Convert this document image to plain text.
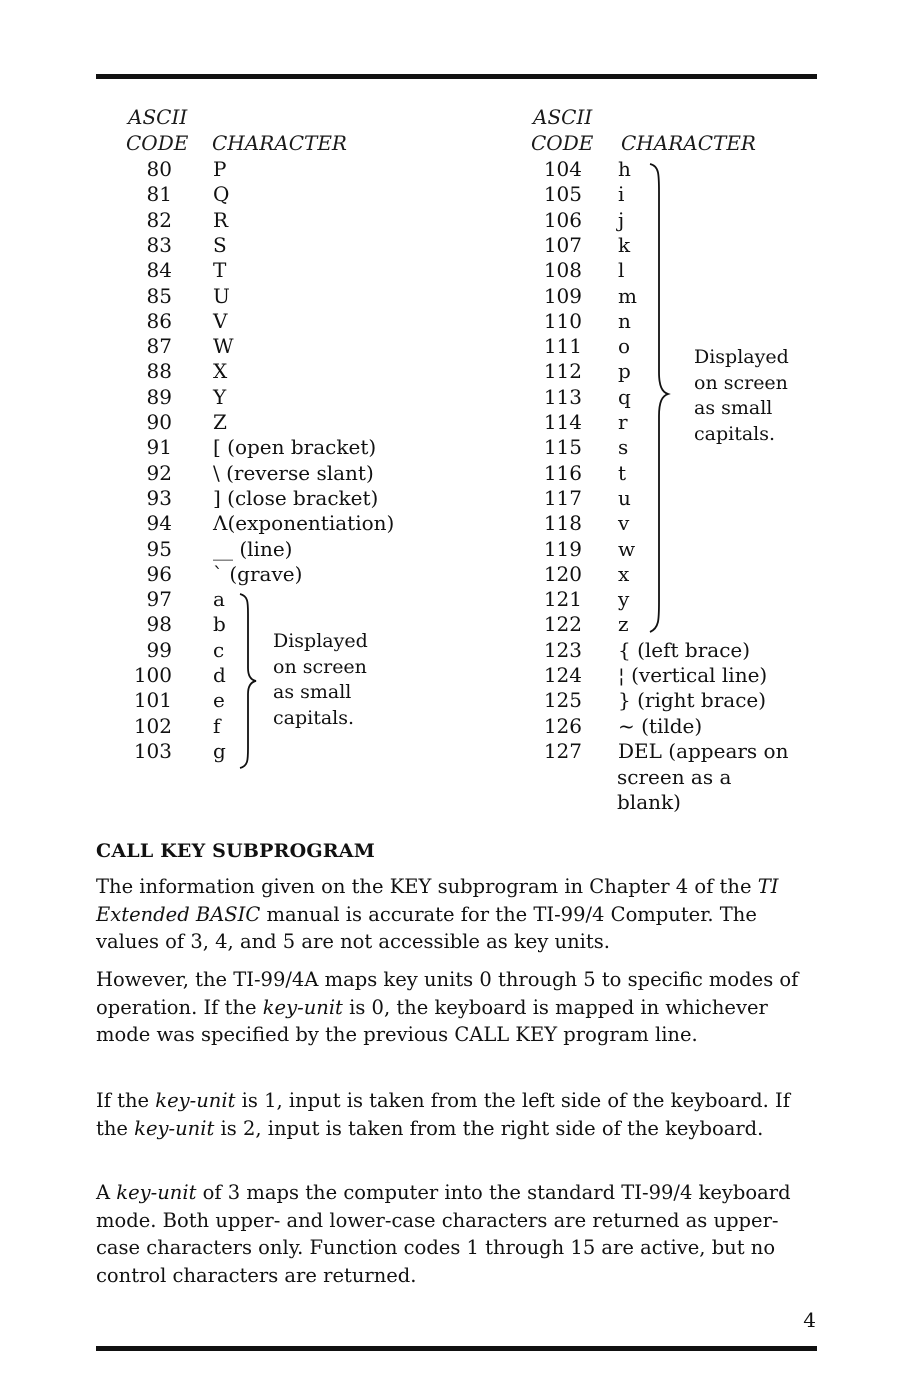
ASCII
CODE CHARACTER
80 P
81 Q
82 R
83 S
84 T
85 U
86 V
87 W
88 X
89 Y
90 Z
91 [ (open bracket)
92 \ (reverse slant)
93 ] (close bracket)
94 Λ(exponentiation)
95 __ (line)
96 ` (grave)
97 a
98 b
99 c
100 d
101 e
102 f
103 g
Displayed
on screen
as small
capitals.
ASCII
CODE CHARACTER
104 h
105 i
106 j
107 k
108 l
109 m
110 n
111 o
112 p
113 q
114 r
115 s
116 t
117 u
118 v
119 w
120 x
121 y
122 z
123 { (left brace)
124 ¦ (vertical line)
125 } (right brace)
126 ~ (tilde)
127 DEL (appears on
screen as a
blank)
Displayed
on screen
as small
capitals.
CALL KEY SUBPROGRAM

The information given on the KEY subprogram in Chapter 4 of the TI Extended BASIC manual is accurate for the TI-99/4 Computer. The values of 3, 4, and 5 are not accessible as key units.

However, the TI-99/4A maps key units 0 through 5 to specific modes of operation. If the key-unit is 0, the keyboard is mapped in whichever mode was specified by the previous CALL KEY program line.

If the key-unit is 1, input is taken from the left side of the keyboard. If the key-unit is 2, input is taken from the right side of the keyboard.

A key-unit of 3 maps the computer into the standard TI-99/4 keyboard mode. Both upper- and lower-case characters are returned as upper-case characters only. Function codes 1 through 15 are active, but no control characters are returned.

4
